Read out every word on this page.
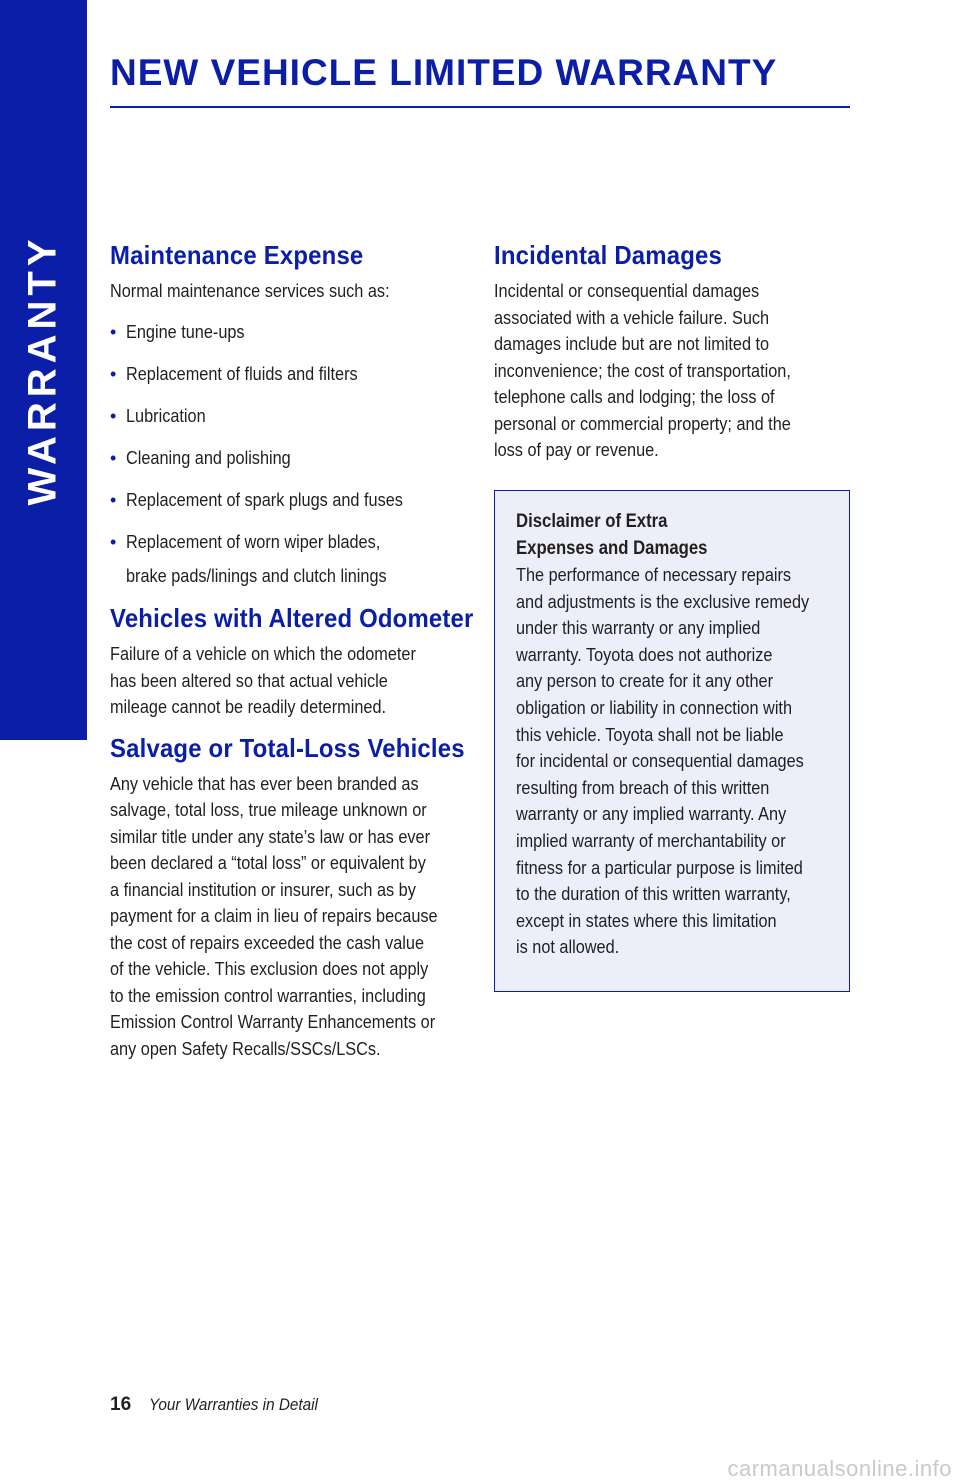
WARRANTY
NEW VEHICLE LIMITED WARRANTY
Maintenance Expense
Normal maintenance services such as:
• Engine tune-ups
• Replacement of fluids and filters
• Lubrication
• Cleaning and polishing
• Replacement of spark plugs and fuses
• Replacement of worn wiper blades,
brake pads/linings and clutch linings
Vehicles with Altered Odometer
Failure of a vehicle on which the odometer
has been altered so that actual vehicle
mileage cannot be readily determined.
Salvage or Total-Loss Vehicles
Any vehicle that has ever been branded as
salvage, total loss, true mileage unknown or
similar title under any state’s law or has ever
been declared a “total loss” or equivalent by
a financial institution or insurer, such as by
payment for a claim in lieu of repairs because
the cost of repairs exceeded the cash value
of the vehicle. This exclusion does not apply
to the emission control warranties, including
Emission Control Warranty Enhancements or
any open Safety Recalls/SSCs/LSCs.
Incidental Damages
Incidental or consequential damages
associated with a vehicle failure. Such
damages include but are not limited to
inconvenience; the cost of transportation,
telephone calls and lodging; the loss of
personal or commercial property; and the
loss of pay or revenue.
Disclaimer of Extra
Expenses and Damages
The performance of necessary repairs
and adjustments is the exclusive remedy
under this warranty or any implied
warranty. Toyota does not authorize
any person to create for it any other
obligation or liability in connection with
this vehicle. Toyota shall not be liable
for incidental or consequential damages
resulting from breach of this written
warranty or any implied warranty. Any
implied warranty of merchantability or
fitness for a particular purpose is limited
to the duration of this written warranty,
except in states where this limitation
is not allowed.
16 Your Warranties in Detail
carmanualsonline.info
